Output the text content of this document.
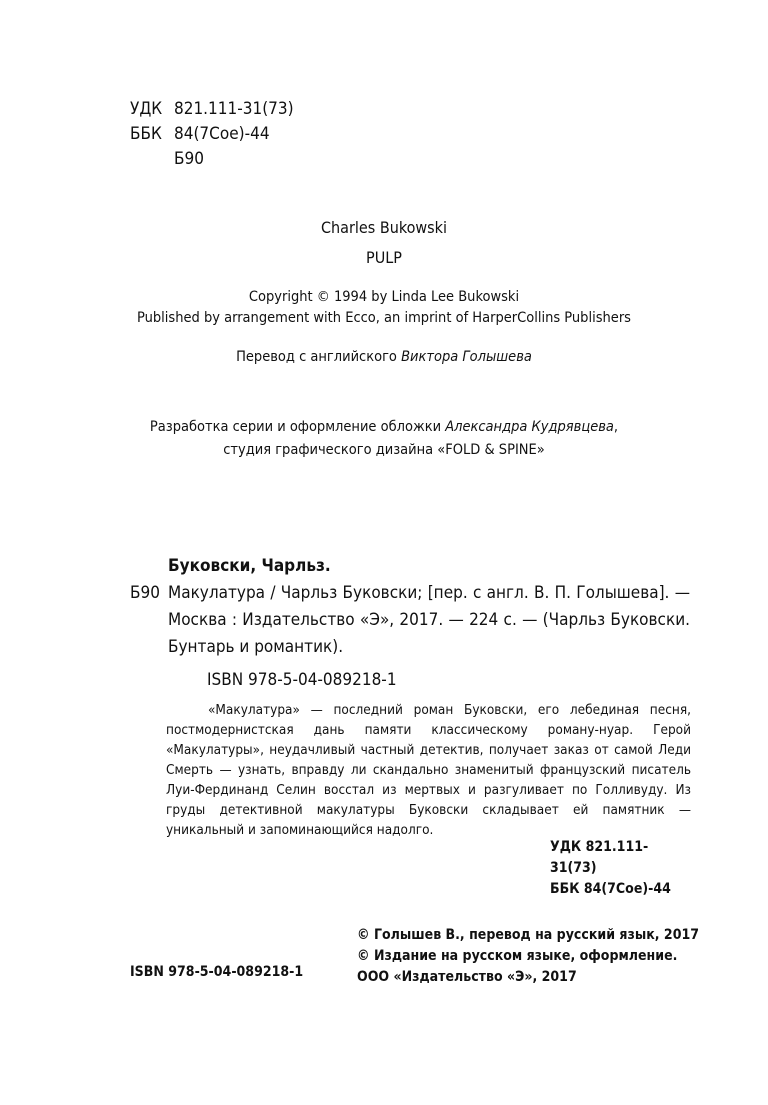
УДК 821.111-31(73)
ББК 84(7Сое)-44
Б90
Charles Bukowski
PULP
Copyright © 1994 by Linda Lee Bukowski
Published by arrangement with Ecco, an imprint of HarperCollins Publishers
Перевод с английского Виктора Голышева
Разработка серии и оформление обложки Александра Кудрявцева,
студия графического дизайна «FOLD & SPINE»
Буковски, Чарльз.
Б90 Макулатура / Чарльз Буковски; [пер. с англ. В. П. Голышева]. — Москва : Издательство «Э», 2017. — 224 с. — (Чарльз Буковски. Бунтарь и романтик).
ISBN 978-5-04-089218-1
«Макулатура» — последний роман Буковски, его лебединая песня, постмодернистская дань памяти классическому роману-нуар. Герой «Макулатуры», неудачливый частный детектив, получает заказ от самой Леди Смерть — узнать, вправду ли скандально знаменитый французский писатель Луи-Фердинанд Селин восстал из мертвых и разгуливает по Голливуду. Из груды детективной макулатуры Буковски складывает ей памятник — уникальный и запоминающийся надолго.
УДК 821.111-31(73)
ББК 84(7Сое)-44
© Голышев В., перевод на русский язык, 2017
© Издание на русском языке, оформление.
ООО «Издательство «Э», 2017
ISBN 978-5-04-089218-1
